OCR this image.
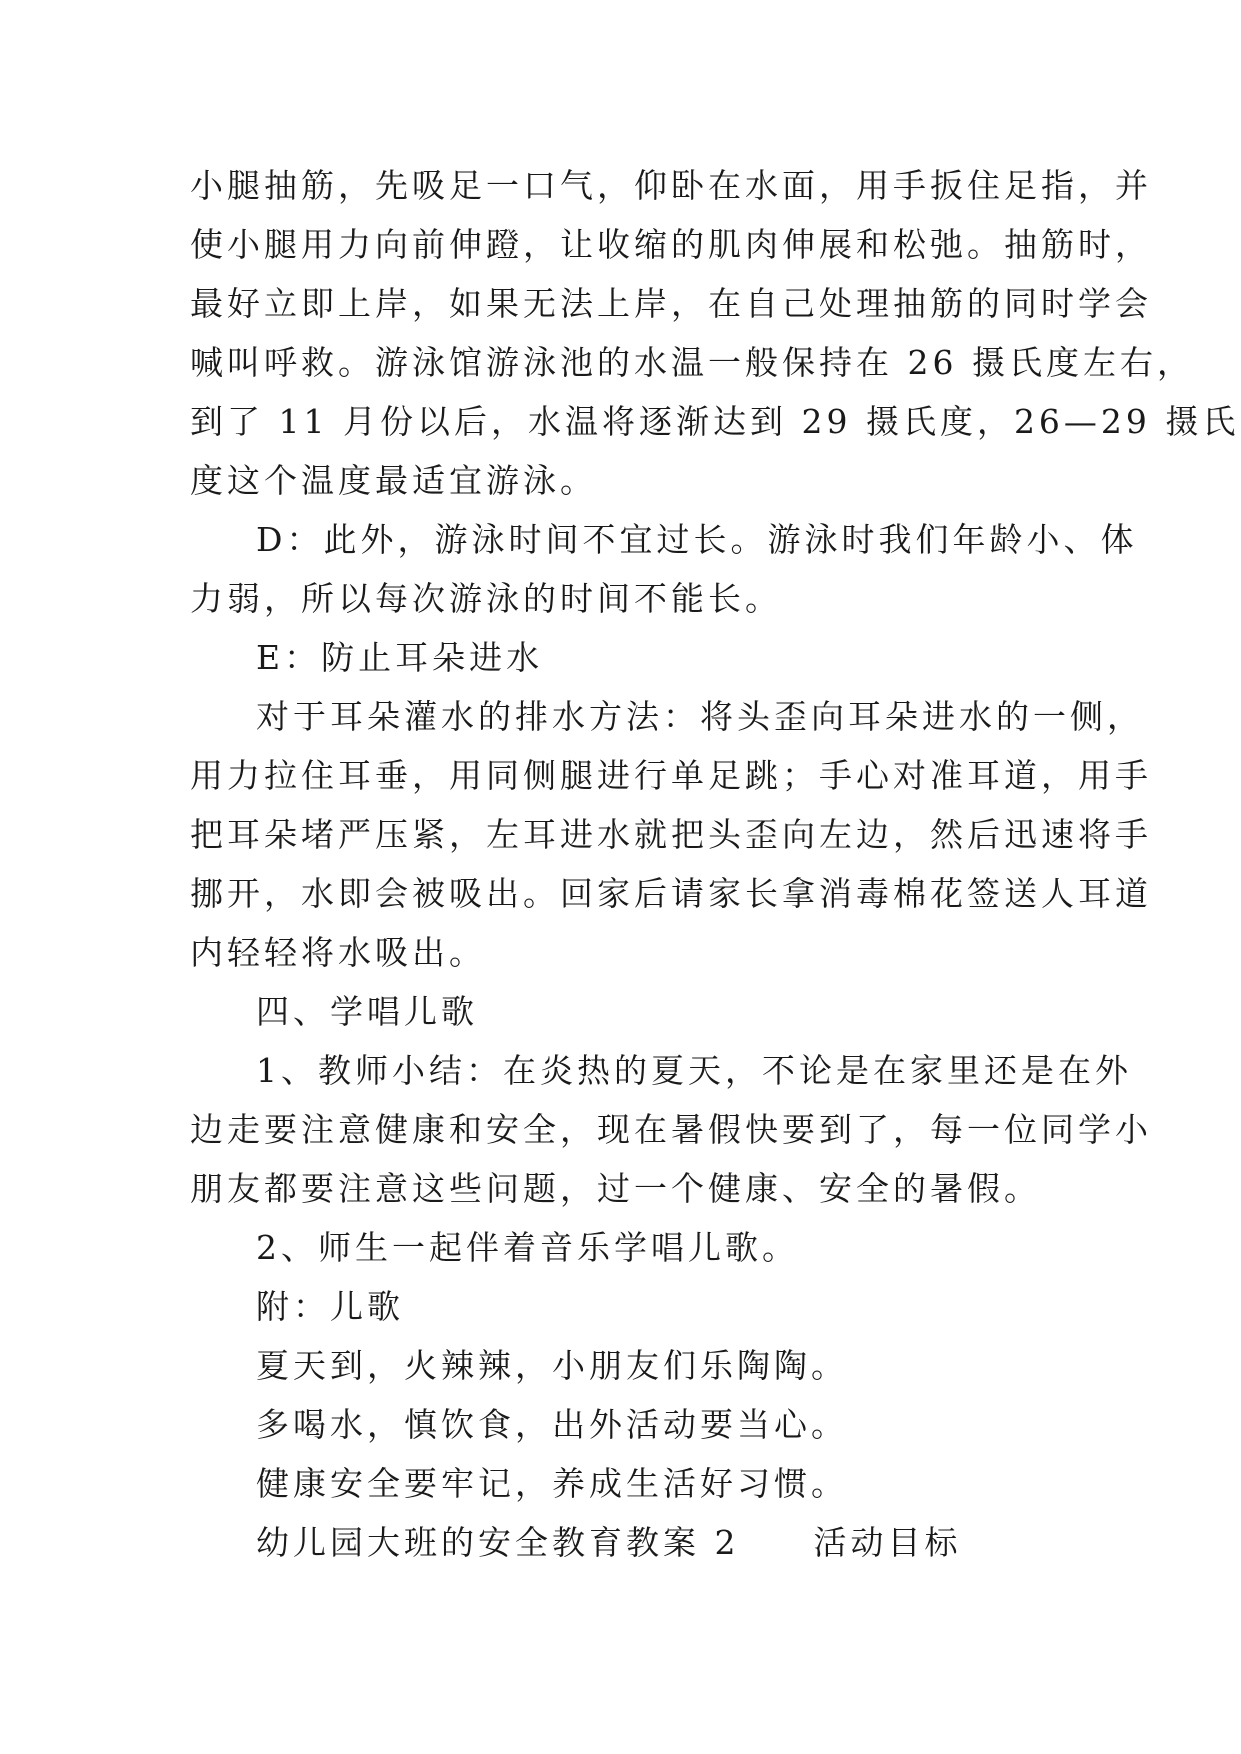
小腿抽筋，先吸足一口气，仰卧在水面，用手扳住足指，并

使小腿用力向前伸蹬，让收缩的肌肉伸展和松弛。抽筋时，

最好立即上岸，如果无法上岸，在自己处理抽筋的同时学会

喊叫呼救。游泳馆游泳池的水温一般保持在 26 摄氏度左右，

到了 11 月份以后，水温将逐渐达到 29 摄氏度，26—29 摄氏

度这个温度最适宜游泳。

D：此外，游泳时间不宜过长。游泳时我们年龄小、体

力弱，所以每次游泳的时间不能长。

E：防止耳朵进水

对于耳朵灌水的排水方法：将头歪向耳朵进水的一侧，

用力拉住耳垂，用同侧腿进行单足跳；手心对准耳道，用手

把耳朵堵严压紧，左耳进水就把头歪向左边，然后迅速将手

挪开，水即会被吸出。回家后请家长拿消毒棉花签送人耳道

内轻轻将水吸出。

四、学唱儿歌

1、教师小结：在炎热的夏天，不论是在家里还是在外

边走要注意健康和安全，现在暑假快要到了，每一位同学小

朋友都要注意这些问题，过一个健康、安全的暑假。

2、师生一起伴着音乐学唱儿歌。

附：儿歌

夏天到，火辣辣，小朋友们乐陶陶。

多喝水，慎饮食，出外活动要当心。

健康安全要牢记，养成生活好习惯。

幼儿园大班的安全教育教案 2　　活动目标
